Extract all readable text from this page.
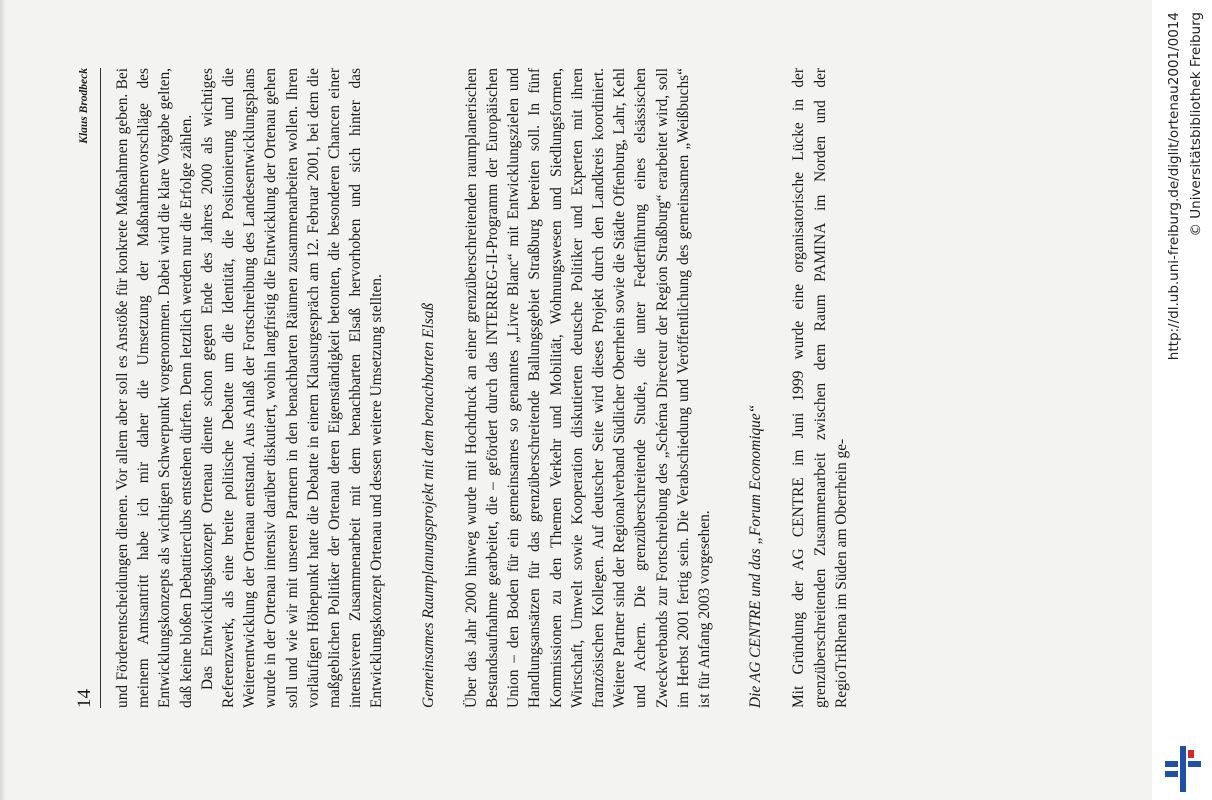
14
Klaus Brodbeck und Förderentscheidungen dienen. Vor allem aber soll es Anstöße für konkrete Maßnahmen geben. Bei meinem Amtsantritt habe ich mir daher die Umsetzung der Maßnahmenvorschläge des Entwicklungskonzepts als wichtigen Schwerpunkt vorgenommen. Dabei wird die klare Vorgabe gelten, daß keine bloßen Debattierclubs entstehen dürfen. Denn letztlich werden nur die Erfolge zählen. Das Entwicklungskonzept Ortenau diente schon gegen Ende des Jahres 2000 als wichtiges Referenzwerk, als eine breite politische Debatte um die Identität, die Positionierung und die Weiterentwicklung der Ortenau entstand. Aus Anlaß der Fortschreibung des Landesentwicklungsplans wurde in der Ortenau intensiv darüber diskutiert, wohin langfristig die Entwicklung der Ortenau gehen soll und wie wir mit unseren Partnern in den benachbarten Räumen zusammenarbeiten wollen. Ihren vorläufigen Höhepunkt hatte die Debatte in einem Klausurgespräch am 12. Februar 2001, bei dem die maßgeblichen Politiker der Ortenau deren Eigenständigkeit betonten, die besonderen Chancen einer intensiveren Zusammenarbeit mit dem benachbarten Elsaß hervorhoben und sich hinter das Entwicklungskonzept Ortenau und dessen weitere Umsetzung stellten. Gemeinsames Raumplanungsprojekt mit dem benachbarten Elsaß Über das Jahr 2000 hinweg wurde mit Hochdruck an einer grenzüberschreitenden raumplanerischen Bestandsaufnahme gearbeitet, die – gefördert durch das INTERREG-II-Programm der Europäischen Union – den Boden für ein gemeinsames so genanntes „Livre Blanc“ mit Entwicklungszielen und Handlungsansätzen für das grenzüberschreitende Ballungsgebiet Straßburg bereiten soll. In fünf Kommissionen zu den Themen Verkehr und Mobilität, Wohnungswesen und Siedlungsformen, Wirtschaft, Umwelt sowie Kooperation diskutierten deutsche Politiker und Experten mit ihren französischen Kollegen. Auf deutscher Seite wird dieses Projekt durch den Landkreis koordiniert. Weitere Partner sind der Regionalverband Südlicher Oberrhein sowie die Städte Offenburg, Lahr, Kehl und Achern. Die grenzüberschreitende Studie, die unter Federführung eines elsässischen Zweckverbands zur Fortschreibung des „Schéma Directeur der Region Straßburg“ erarbeitet wird, soll im Herbst 2001 fertig sein. Die Verabschiedung und Veröffentlichung des gemeinsamen „Weißbuchs“ ist für Anfang 2003 vorgesehen. Die AG CENTRE und das „Forum Economique“ Mit Gründung der AG CENTRE im Juni 1999 wurde eine organisatorische Lücke in der grenzüberschreitenden Zusammenarbeit zwischen dem Raum PAMINA im Norden und der RegioTriRhena im Süden am Oberrhein ge-

http://dl.ub.uni-freiburg.de/diglit/ortenau2001/0014 © Universitätsbibliothek Freiburg
